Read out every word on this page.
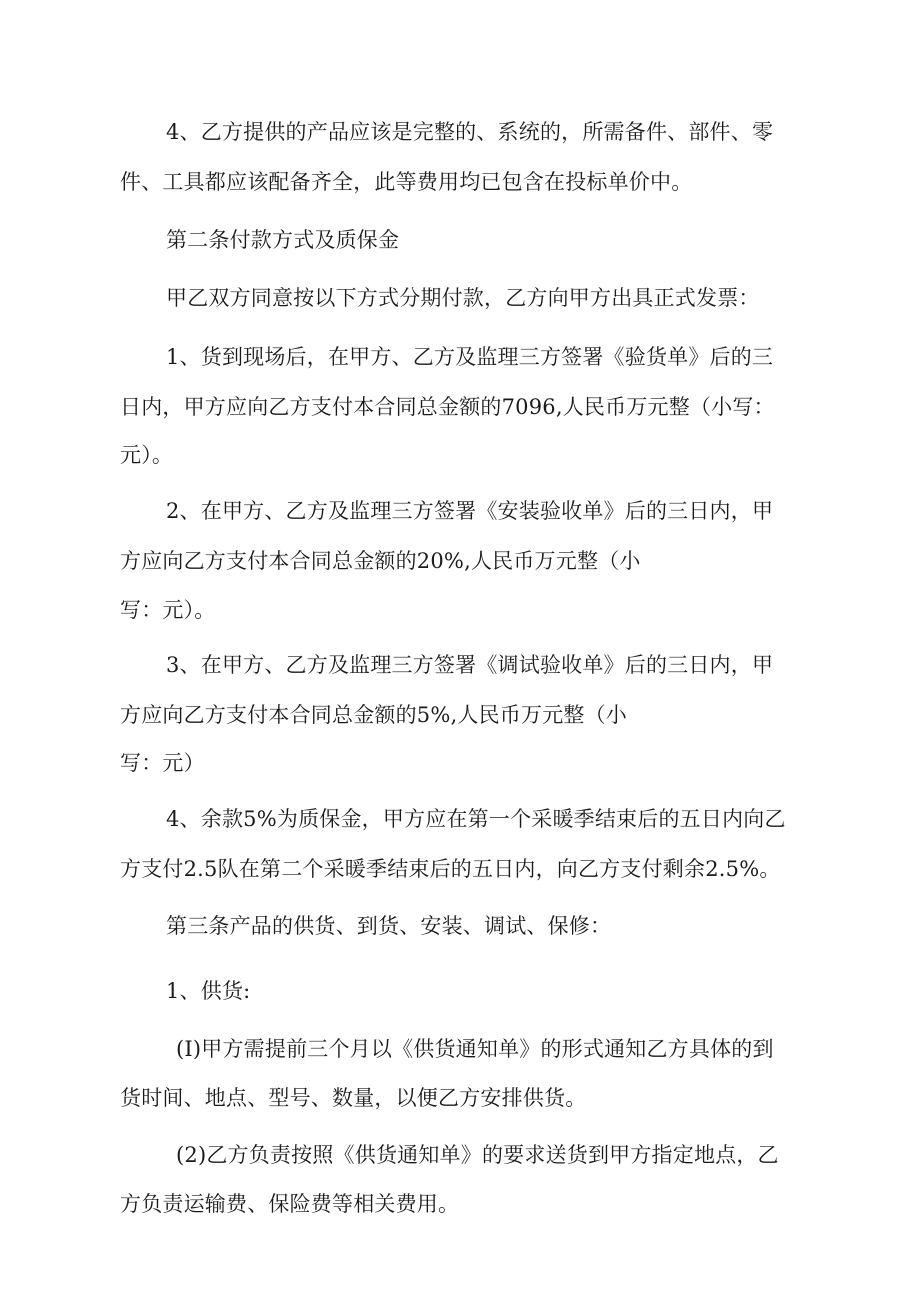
4、乙方提供的产品应该是完整的、系统的，所需备件、部件、零
件、工具都应该配备齐全，此等费用均已包含在投标单价中。
第二条付款方式及质保金
甲乙双方同意按以下方式分期付款，乙方向甲方出具正式发票：
1、货到现场后，在甲方、乙方及监理三方签署《验货单》后的三
日内，甲方应向乙方支付本合同总金额的7096,人民币万元整（小写：
元）。
2、在甲方、乙方及监理三方签署《安装验收单》后的三日内，甲
方应向乙方支付本合同总金额的20%,人民币万元整（小
写：元）。
3、在甲方、乙方及监理三方签署《调试验收单》后的三日内，甲
方应向乙方支付本合同总金额的5%,人民币万元整（小
写：元）
4、余款5%为质保金，甲方应在第一个采暖季结束后的五日内向乙
方支付2.5队在第二个采暖季结束后的五日内，向乙方支付剩余2.5%。
第三条产品的供货、到货、安装、调试、保修：
1、供货:
(I)甲方需提前三个月以《供货通知单》的形式通知乙方具体的到
货时间、地点、型号、数量，以便乙方安排供货。
(2)乙方负责按照《供货通知单》的要求送货到甲方指定地点，乙
方负责运输费、保险费等相关费用。
